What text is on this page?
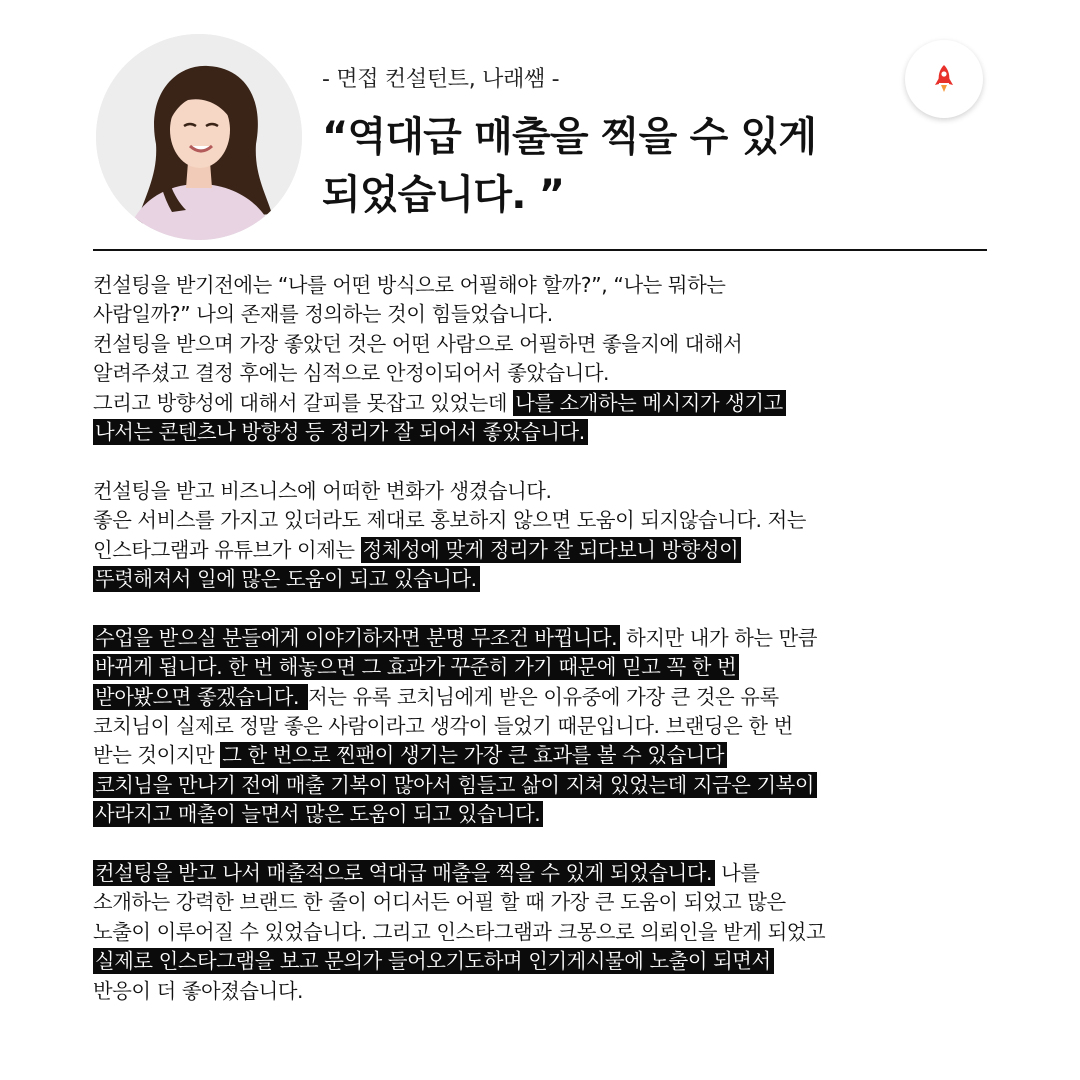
- 면접 컨설턴트, 나래쌤 -
“역대급 매출을 찍을 수 있게
되었습니다. ”

컨설팅을 받기전에는 “나를 어떤 방식으로 어필해야 할까?”, “나는 뭐하는
사람일까?” 나의 존재를 정의하는 것이 힘들었습니다.
컨설팅을 받으며 가장 좋았던 것은 어떤 사람으로 어필하면 좋을지에 대해서
알려주셨고 결정 후에는 심적으로 안정이되어서 좋았습니다.
그리고 방향성에 대해서 갈피를 못잡고 있었는데 나를 소개하는 메시지가 생기고
나서는 콘텐츠나 방향성 등 정리가 잘 되어서 좋았습니다.

컨설팅을 받고 비즈니스에 어떠한 변화가 생겼습니다.
좋은 서비스를 가지고 있더라도 제대로 홍보하지 않으면 도움이 되지않습니다. 저는
인스타그램과 유튜브가 이제는 정체성에 맞게 정리가 잘 되다보니 방향성이
뚜렷해져서 일에 많은 도움이 되고 있습니다.

수업을 받으실 분들에게 이야기하자면 분명 무조건 바뀝니다. 하지만 내가 하는 만큼
바뀌게 됩니다. 한 번 해놓으면 그 효과가 꾸준히 가기 때문에 믿고 꼭 한 번
받아봤으면 좋겠습니다. 저는 유록 코치님에게 받은 이유중에 가장 큰 것은 유록
코치님이 실제로 정말 좋은 사람이라고 생각이 들었기 때문입니다. 브랜딩은 한 번
받는 것이지만 그 한 번으로 찐팬이 생기는 가장 큰 효과를 볼 수 있습니다
코치님을 만나기 전에 매출 기복이 많아서 힘들고 삶이 지쳐 있었는데 지금은 기복이
사라지고 매출이 늘면서 많은 도움이 되고 있습니다.

컨설팅을 받고 나서 매출적으로 역대급 매출을 찍을 수 있게 되었습니다. 나를
소개하는 강력한 브랜드 한 줄이 어디서든 어필 할 때 가장 큰 도움이 되었고 많은
노출이 이루어질 수 있었습니다. 그리고 인스타그램과 크몽으로 의뢰인을 받게 되었고
실제로 인스타그램을 보고 문의가 들어오기도하며 인기게시물에 노출이 되면서
반응이 더 좋아졌습니다.
